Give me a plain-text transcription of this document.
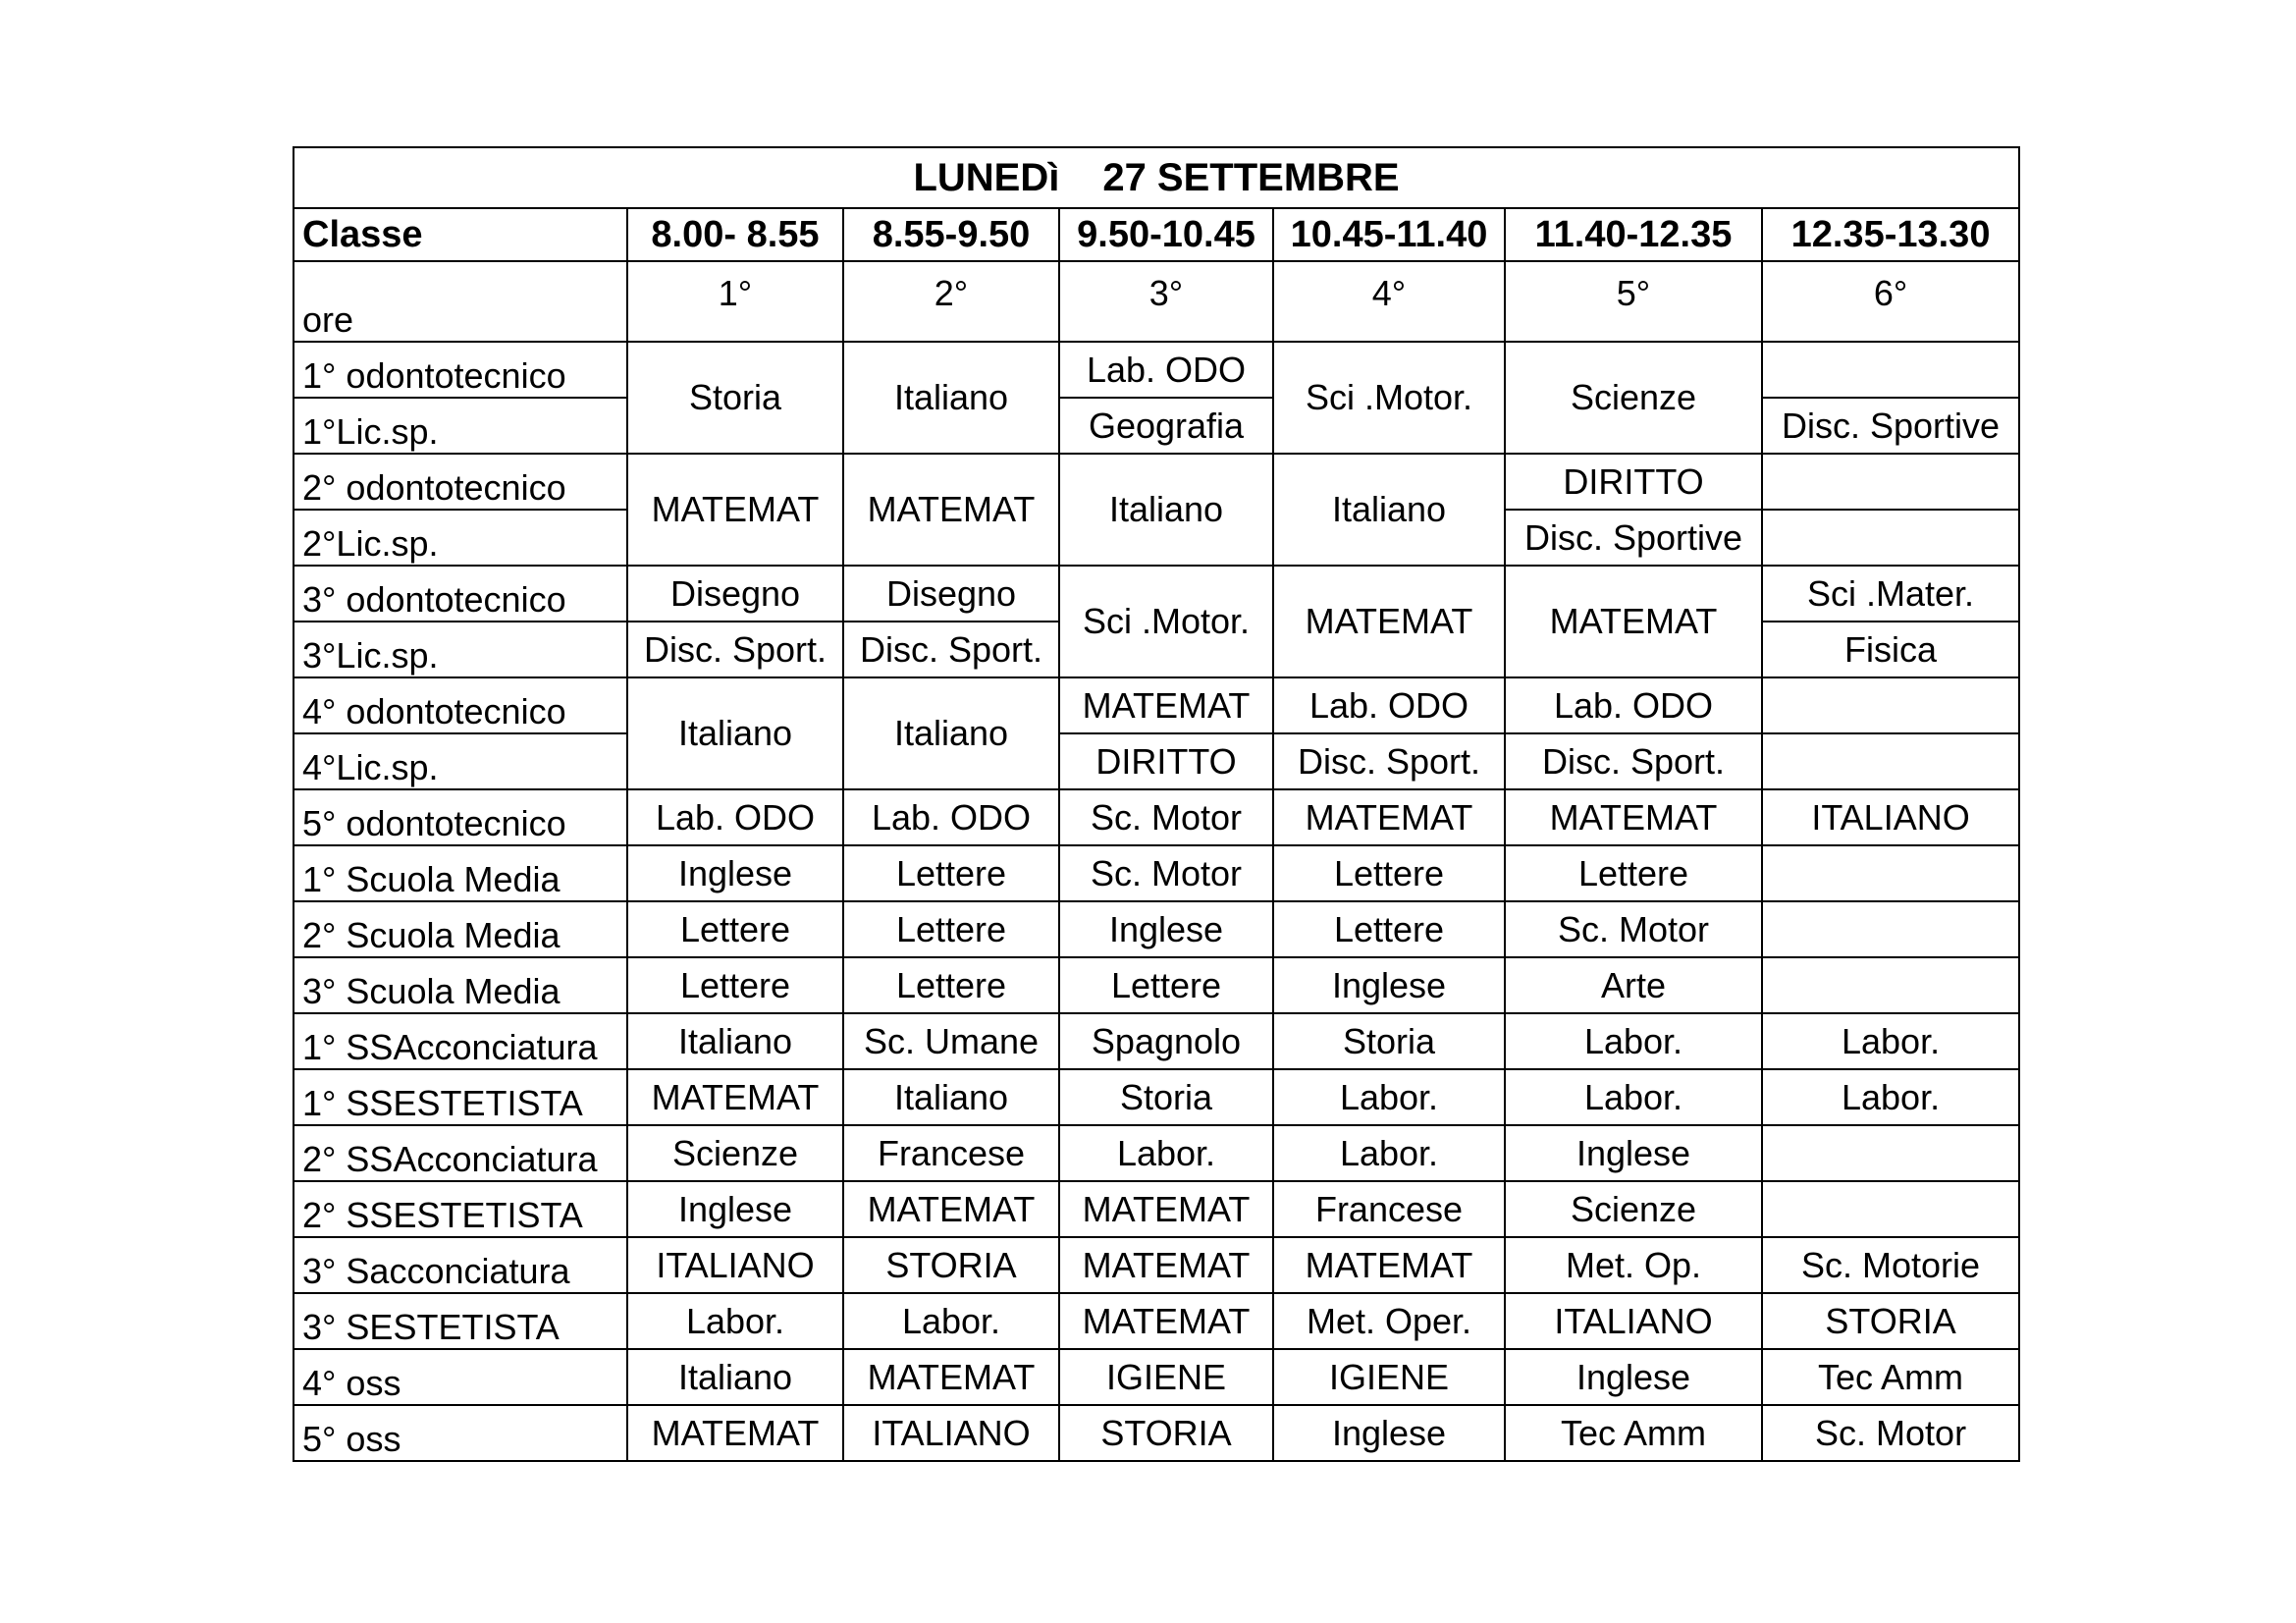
LUNEDì 27 SETTEMBRE						
Classe	8.00- 8.55	8.55-9.50	9.50-10.45	10.45-11.40	11.40-12.35	12.35-13.30
ore	1°	2°	3°	4°	5°	6°
1° odontotecnico	Storia	Italiano	Lab. ODO	Sci .Motor.	Scienze	
1°Lic.sp.			Geografia			Disc. Sportive
2° odontotecnico	MATEMAT	MATEMAT	Italiano	Italiano	DIRITTO	
2°Lic.sp.					Disc. Sportive	
3° odontotecnico	Disegno	Disegno	Sci .Motor.	MATEMAT	MATEMAT	Sci .Mater.
3°Lic.sp.	Disc. Sport.	Disc. Sport.				Fisica
4° odontotecnico	Italiano	Italiano	MATEMAT	Lab. ODO	Lab. ODO	
4°Lic.sp.			DIRITTO	Disc. Sport.	Disc. Sport.	
5° odontotecnico	Lab. ODO	Lab. ODO	Sc. Motor	MATEMAT	MATEMAT	ITALIANO
1° Scuola Media	Inglese	Lettere	Sc. Motor	Lettere	Lettere	
2° Scuola Media	Lettere	Lettere	Inglese	Lettere	Sc. Motor	
3° Scuola Media	Lettere	Lettere	Lettere	Inglese	Arte	
1° SSAcconciatura	Italiano	Sc. Umane	Spagnolo	Storia	Labor.	Labor.
1° SSESTETISTA	MATEMAT	Italiano	Storia	Labor.	Labor.	Labor.
2° SSAcconciatura	Scienze	Francese	Labor.	Labor.	Inglese	
2° SSESTETISTA	Inglese	MATEMAT	MATEMAT	Francese	Scienze	
3° Sacconciatura	ITALIANO	STORIA	MATEMAT	MATEMAT	Met. Op.	Sc. Motorie
3° SESTETISTA	Labor.	Labor.	MATEMAT	Met. Oper.	ITALIANO	STORIA
4° oss	Italiano	MATEMAT	IGIENE	IGIENE	Inglese	Tec Amm
5° oss	MATEMAT	ITALIANO	STORIA	Inglese	Tec Amm	Sc. Motor
